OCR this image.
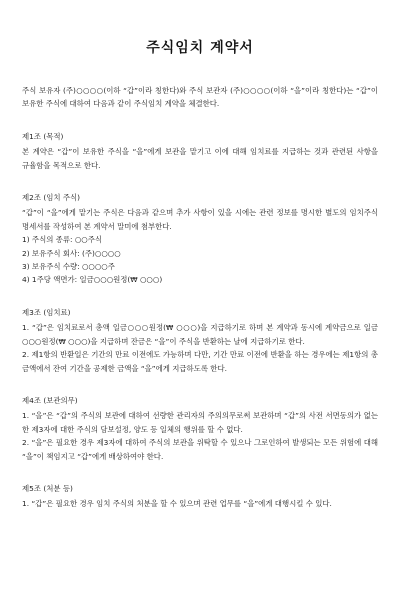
주식임치 계약서

주식 보유자 (주)○○○○(이하 “갑”이라 칭한다)와 주식 보관자 (주)○○○○(이하 “을”이라 칭한다)는 “갑”이 보유한 주식에 대하여 다음과 같이 주식임치 계약을 체결한다.

제1조 (목적)

본 계약은 “갑”이 보유한 주식을 “을”에게 보관을 맡기고 이에 대해 임치료를 지급하는 것과 관련된 사항을 규율함을 목적으로 한다.

제2조 (임치 주식)

“갑”이 “을”에게 맡기는 주식은 다음과 같으며 추가 사항이 있을 시에는 관련 정보를 명시한 별도의 임치주식 명세서를 작성하여 본 계약서 말미에 첨부한다.

1) 주식의 종류: ○○주식

2) 보유주식 회사: (주)○○○○

3) 보유주식 수량: ○○○○주

4) 1주당 액면가: 일금○○○원정(₩ ○○○)

제3조 (임치료)

1. “갑”은 임치료로서 총액 일금○○○원정(₩ ○○○)을 지급하기로 하며 본 계약과 동시에 계약금으로 일금○○○원정(₩ ○○○)을 지급하며 잔금은 “을”이 주식을 반환하는 날에 지급하기로 한다.

2. 제1항의 반환일은 기간의 만료 이전에도 가능하며 다만, 기간 만료 이전에 반환을 하는 경우에는 제1항의 총 금액에서 잔여 기간을 공제한 금액을 “을”에게 지급하도록 한다.

제4조 (보관의무)

1. “을”은 “갑”의 주식의 보관에 대하여 선량한 관리자의 주의의무로써 보관하며 “갑”의 사전 서면동의가 없는 한 제3자에 대한 주식의 담보설정, 양도 등 일체의 행위를 할 수 없다.

2. “을”은 필요한 경우 제3자에 대하여 주식의 보관을 위탁할 수 있으나 그로인하여 발생되는 모든 위험에 대해 “을”이 책임지고 “갑”에게 배상하여야 한다.

제5조 (처분 등)

1. “갑”은 필요한 경우 임치 주식의 처분을 할 수 있으며 관련 업무를 “을”에게 대행시킬 수 있다.
